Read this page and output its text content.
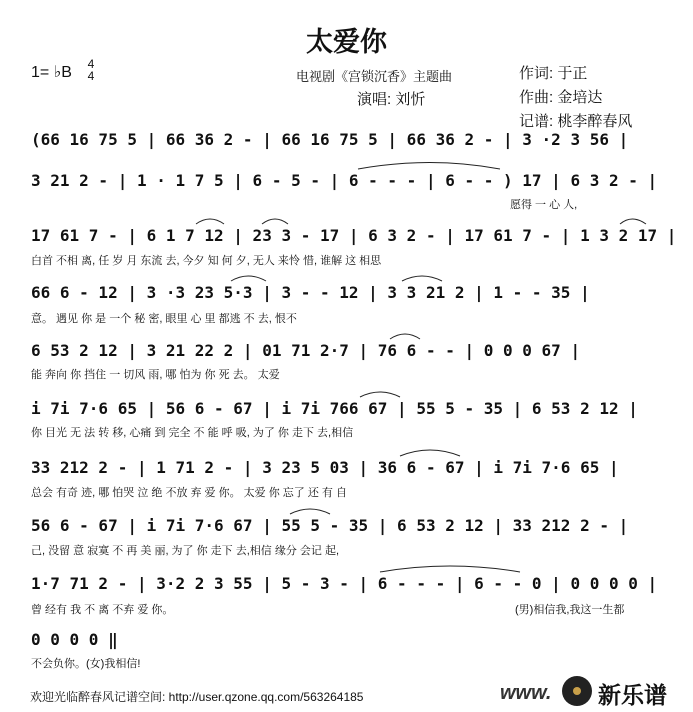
太爱你
1= ♭B 4
4	电视剧《宫锁沉香》主题曲
演唱: 刘忻
作词: 于正
作曲: 金培达
记谱: 桃李醉春风
(66 16 75 5 | 66 36 2 - | 66 16 75 5 | 66 36 2 - | 3 ·2 3 56 |
3 21 2 - | 1 · 1 7 5 | 6 - 5 - | 6 - - - | 6 - - ) 17 | 6 3 2 - |
愿得 一 心 人,
17 61 7 - | 6 1 7 12 | 23 3 - 17 | 6 3 2 - | 17 61 7 - | 1 3 2 17 |
白首 不相 离, 任 岁 月 东流 去, 今夕 知 何 夕, 无人 来怜 惜, 谁解 这 相思
66 6 - 12 | 3 ·3 23 5·3 | 3 - - 12 | 3 3 21 2 | 1 - - 35 |
意。 遇见 你 是 一个 秘 密, 眼里 心 里 都逃 不 去, 恨不
6 53 2 12 | 3 21 22 2 | 01 71 2·7 | 76 6 - - | 0 0 0 67 |
能 奔向 你 挡住 一 切风 雨, 哪 怕为 你 死 去。 太爱
i 7i 7·6 65 | 56 6 - 67 | i 7i 766 67 | 55 5 - 35 | 6 53 2 12 |
你 目光 无 法 转 移, 心痛 到 完全 不 能 呼 吸, 为了 你 走下 去,相信
33 212 2 - | 1 71 2 - | 3 23 5 03 | 36 6 - 67 | i 7i 7·6 65 |
总会 有奇 迹, 哪 怕哭 泣 绝 不放 弃 爱 你。 太爱 你 忘了 还 有 自
56 6 - 67 | i 7i 7·6 67 | 55 5 - 35 | 6 53 2 12 | 33 212 2 - |
己, 没留 意 寂寞 不 再 美 丽, 为了 你 走下 去,相信 缘分 会记 起,
1·7 71 2 - | 3·2 2 3 55 | 5 - 3 - | 6 - - - | 6 - - 0 | 0 0 0 0 |
曾 经有 我 不 离 不弃 爱 你。	(男)相信我,我这一生都
0 0 0 0 ‖
不会负你。(女)我相信!
欢迎光临醉春风记谱空间: http://user.qzone.qq.com/563264185	www. 新乐谱
